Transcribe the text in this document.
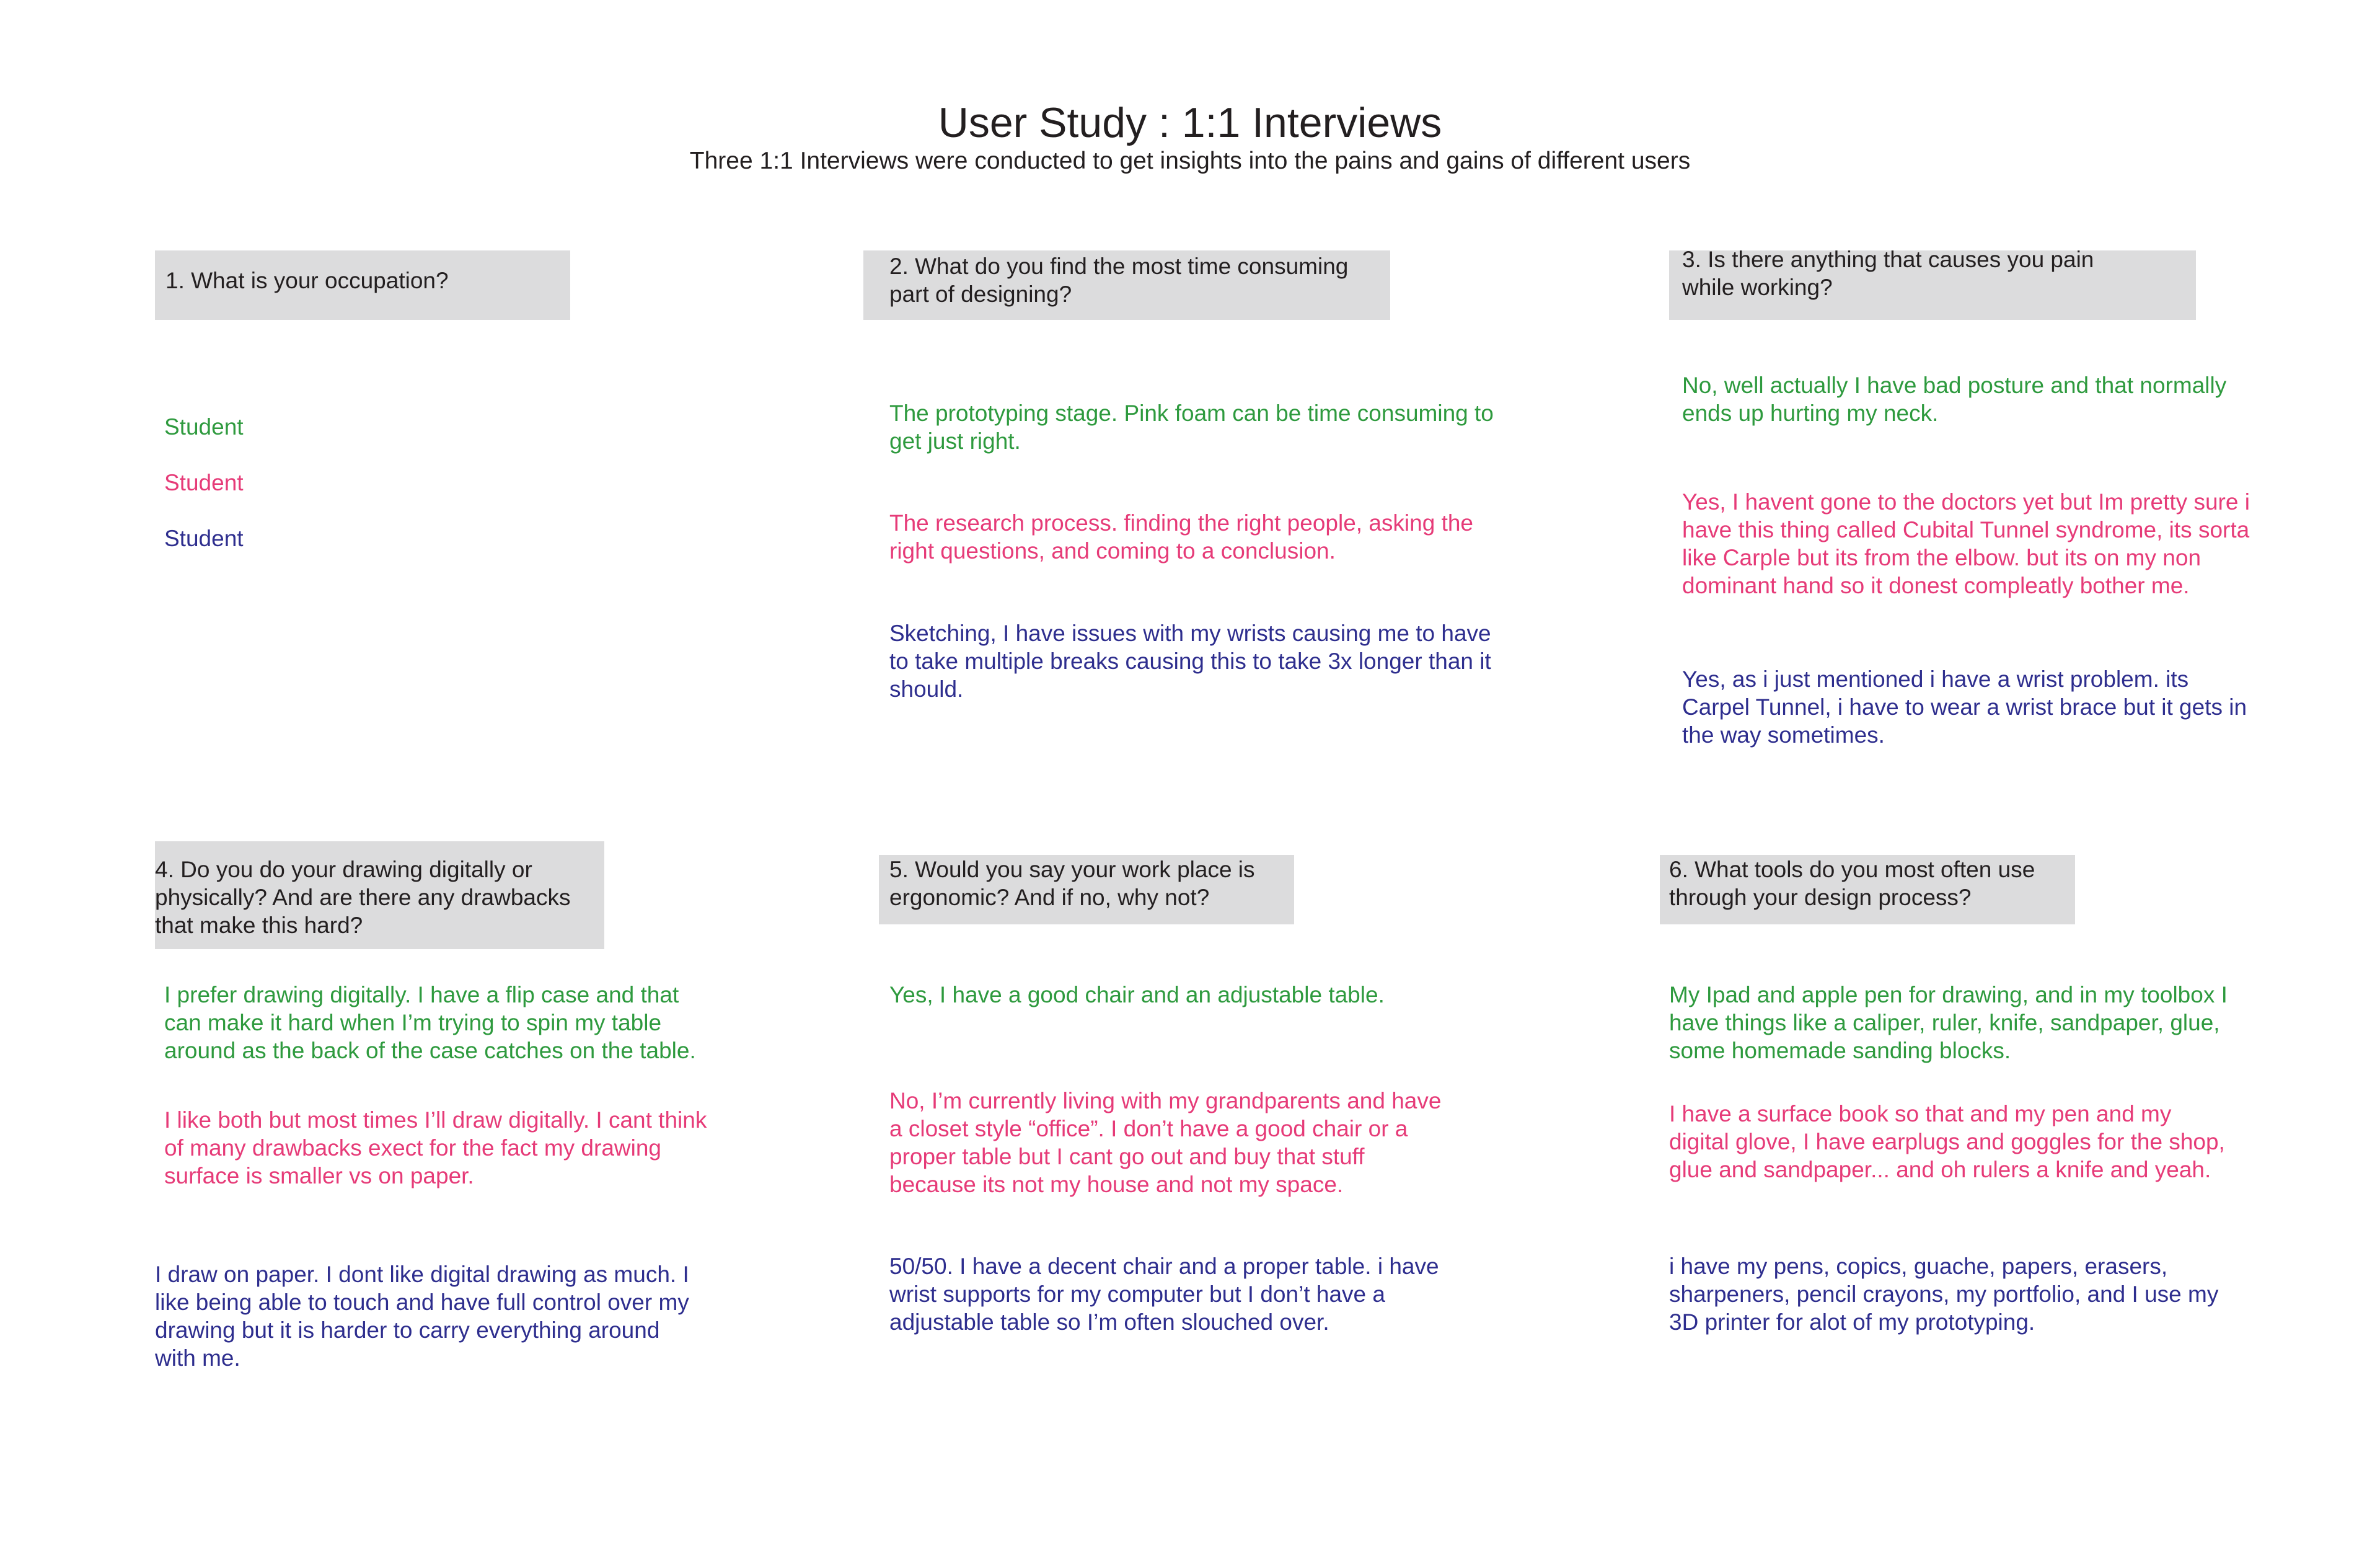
User Study : 1:1 Interviews
Three 1:1 Interviews were conducted to get insights into the pains and gains of different users
1. What is your occupation?
Student
Student
Student
2. What do you find the most time consuming
part of designing?
The prototyping stage. Pink foam can be time consuming to
get just right.
The research process. finding the right people, asking the
right questions, and coming to a conclusion.
Sketching, I have issues with my wrists causing me to have
to take multiple breaks causing this to take 3x longer than it
should.
3. Is there anything that causes you pain
while working?
No, well actually I have bad posture and that normally
ends up hurting my neck.
Yes, I havent gone to the doctors yet but Im pretty sure i
have this thing called Cubital Tunnel syndrome, its sorta
like Carple but its from the elbow. but its on my non
dominant hand so it donest compleatly bother me.
Yes, as i just mentioned i have a wrist problem. its
Carpel Tunnel, i have to wear a wrist brace but it gets in
the way sometimes.
4. Do you do your drawing digitally or
physically? And are there any drawbacks
that make this hard?
I prefer drawing digitally. I have a flip case and that
can make it hard when I’m trying to spin my table
around as the back of the case catches on the table.
I like both but most times I’ll draw digitally. I cant think
of many drawbacks exect for the fact my drawing
surface is smaller vs on paper.
I draw on paper. I dont like digital drawing as much. I
like being able to touch and have full control over my
drawing but it is harder to carry everything around
with me.
5. Would you say your work place is
ergonomic? And if no, why not?
Yes, I have a good chair and an adjustable table.
No, I’m currently living with my grandparents and have
a closet style “office”. I don’t have a good chair or a
proper table but I cant go out and buy that stuff
because its not my house and not my space.
50/50. I have a decent chair and a proper table. i have
wrist supports for my computer but I don’t have a
adjustable table so I’m often slouched over.
6. What tools do you most often use
through your design process?
My Ipad and apple pen for drawing, and in my toolbox I
have things like a caliper, ruler, knife, sandpaper, glue,
some homemade sanding blocks.
I have a surface book so that and my pen and my
digital glove, I have earplugs and goggles for the shop,
glue and sandpaper... and oh rulers a knife and yeah.
i have my pens, copics, guache, papers, erasers,
sharpeners, pencil crayons, my portfolio, and I use my
3D printer for alot of my prototyping.
